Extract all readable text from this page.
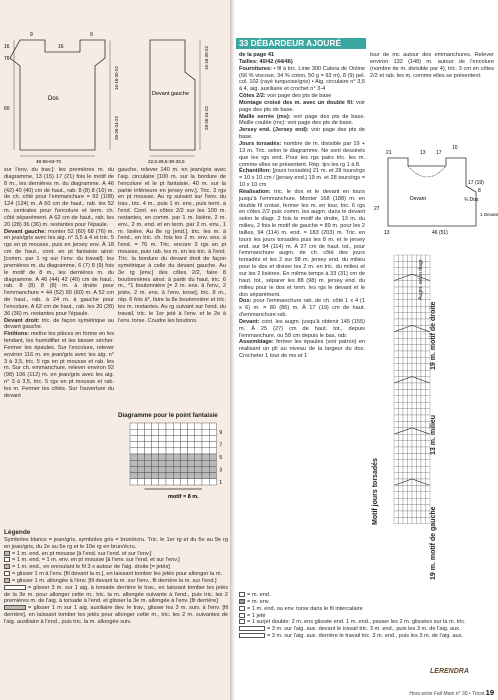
Dos
Devant gauche
9
16
9
76
60
16
48-55-63-70	22,5-26,5-30-33,5
16-18-20-22
28-26-24-22
16-18-20-22
28-26-24-22

sur l'env. du trav.]: les premières m. du diagramme, 13 (15) 17 (21) fois le motif de 8 m., les dernières m. du diagramme. A 46 (42) 40 (40) cm de haut., rab. 8 (8) 8 (16) m. de ch. côté pour l'emmanchure = 92 (108) 124 (124) m. A 60 cm de haut., rab. les 52 m. centrales pour l'encolure et term. ch. côté séparément. A 62 cm de haut., rab. les 20 (28) 36 (36) m. restantes pour l'épaule.

Devant gauche: monter 52 (60) 68 (76) m. en jean/gris avec les aig. n° 3,5 à 4 et tric. 5 rgs en pt mousse, puis en jersey env. À 18 cm de haut., cont. en pt fantaisie ainsi: [comm. par 1 rg sur l'env. du travail]: les premières m. du diagramme, 6 (7) 8 (9) fois le motif de 8 m., les dernières m. du diagramme. A 46 (44) 42 (40) cm de haut., rab. 8 (8) 8 (8) m. à droite pour l'emmanchure = 44 (52) 60 (60) m. A 52 cm de haut., rab. à 24 m. à gauche pour l'encolure. A 62 cm de haut., rab. les 20 (28) 36 (36) m. restantes pour l'épaule.

Devant droit: tric. de façon symétrique au devant gauche.

Finitions: mettre les pièces en forme en les tendant, les humidifier et les laisser sécher. Fermer les épaules. Sur l'encolure, relever environ 116 m. en jean/gris avec les aig. n° 3 à 3,5, tric. 5 rgs en pt mousse et rab. les m. Sur ch. emmanchure, relever environ 92 (98) 106 (112) m. en jean/gris avec les aig. n° 3 à 3,5, tric. 5 rgs en pt mousse et rab. les m. Fermer les côtés. Sur l'ouverture du devant

gauche, relever 140 m. en jean/gris avec l'aig. circulaire [100 m. sur la bordure de l'encolure et le pt fantaisie, 40 m. sur la partie inférieure en jersey env.]. Tric. 3 rgs en pt mousse. Au rg suivant sur l'env. du trav., tric. 4 m., puis 1 m. env., puis term. à l'end. Cont. en côtes 2/2 sur les 100 m. restantes, en comm. par 1 m. lisière, 2 m. env., 2 m. end. et en term. par 2 m. env., 1 m. lisière. Au 8e rg [end.], tric. les m. à l'end., en tric. ch. fois les 2 m. env. ens. à l'end. = 76 m. Tric. encore 3 rgs en pt mousse, puis rab. les m. en les tric. à l'end. Tric. la bordure du devant droit de façon symétrique à celle du devant gauche. Au 3e rg [env.] des côtes 2/2, faire 8 boutonnières ainsi: à partir du haut, tric. 6 m., *1 boutonnière [= 2 m. ens. à l'env., 2 jetés, 2 m. ens. à l'env. torse], tric. 8 m., rép. 6 fois à*, faire la 8e boutonnière et tric. les m. restantes. Au rg suivant sur l'end. du travail, tric. le 1er jeté à l'env. et le 2e à l'env. torse. Coudre les boutons.

Diagramme pour le point fantaisie
9
7
5
3
1
motif = 8 m.
Légende
Symboles blancs = jean/gris, symboles gris = brun/écru. Tric. le 1er rg et du 6e au 9e rg en jean/gris, du 2e au 5e rg et le 10e rg en brun/écru.
= 1 m. end. en pt mousse [à l'end. sur l'end. et sur l'env.]
= 1 m. end. = 1 m. env. en pt mousse [à l'env. sur l'end. et sur l'env.]
= 1 m. end., en enroulant le fil 3 x autour de l'aig. droite [= jetés]
= glisser 1 m à l'env. [fil devant la m.], en laissant tomber les jetés pour allonger la m.
= glisser 1 m. allongée à l'env. [fil devant la m. sur l'env., fil derrière la m. sur l'end.]
= glisser 3 m. sur 1 aig. à torsade derrière le trav., en laissant tomber les jetés de la 3e m. pour allonger cette m., tric. la m. allongée suivante à l'end., puis tric. les 2 premières m. de l'aig. à torsade à l'end. et glisser la 3e m. allongée à l'env. [fil derrière]
= glisser 1 m sur 1 aig. auxiliaire dev. le trav., glisser les 3 m. suiv. à l'env. [fil derrière], en laissant tomber les jetés pour allonger cette m., tric. les 2 m. suivantes de l'aig. auxiliaire à l'end., puis tric. la m. allongée suiv.
33 DÉBARDEUR AJOURÉ

de la page 41

Tailles: 40/42 (44/46)

Fournitures: • fil à tric. Linie 300 Calera de Online (66 % viscose, 34 % coton, 50 g = 92 m), 8 (9) pel. col. 102 (rayé turquoise/gris) • Aig. circulaire n° 3,5 à 4, aig. auxiliaire et crochet n° 3-4

Côtes 2/2: voir page des pts de base

Montage croisé des m. avec un double fil: voir page des pts de base.

Maille serrée (ms): voir page des pts de base. Maille coulée (mc): voir page des pts de base.

Jersey end. (Jersey end): voir page des pts de base.

Jours torsadés: nombre de m. divisible par 19 + 13 m. Tric. selon le diagramme. Ne sont dessinés que les rgs end. Pour les rgs pairs tric. les m. comme elles se présentent. Rép. tjrs les rg 1 à 8.

Échantillon: [jours torsadés] 21 m. et 28 tours/rgs = 10 x 10 cm / [jersey end.] 19 m. et 28 tours/rgs = 10 x 10 cm

Réalisation: tric. le dos et le devant en tours jusqu'à l'emmanchure. Monter 168 (188) m. en double fil croisé, fermer les m. en tour, tric. 6 rgs en côtes 2/2 puis comm. les augm. dans le devant selon le diagr. 2 fois le motif de droite, 13 m. du milieu, 2 fois le motif de gauche = 89 m. pour les 2 tailles, 94 (114) m. end. = 183 (203) m. Tric. en tours les jours torsadés puis les 8 m. et le jersey end. sur 94 (114) m. À 27 cm de haut. tot., pour l'emmanchure augm. de ch. côté des jours torsadés et les 2 sur 98 m. jersey end. du milieu pour le dos et diviser les 2 m. en tric. du milieu et sur les 2 lisières. En même temps à 33 (31) cm de haut. tot., séparer les 88 (98) m. jersey end. du milieu pour le dos et term. les rgs le devant et le dos séparément.

Dos: pour l'emmanchure rab. de ch. côté 1 x 4 (1 x 6) m. = 80 (86) m. À 17 (19) cm de haut. d'emmanchure rab.

Devant: cont. les augm. jusqu'à obtenir 145 (155) m. À 25 (27) cm de haut. tot., depuis l'emmanchure, ou 58 cm depuis le bas, rab.

Assemblage: fermer les épaules (voir patron) en réalisant un pli au niveau de la largeur du dos. Crocheter 1 tour de ms et 1

tour de mc autour des emmanchures. Relever environ 132 (148) m. autour de l'encolure (nombre de m. divisible par 4), tric. 3 cm en côtes 2/2 et rab. les m. comme elles se présentent.

21	13 17
10
17 (19)
8
¾ Dos
Devant
27
13	46 (51)
1 Devant
Motif jours torsadés
19 m. motif de droite
13 m. milieu
19 m. motif de gauche
Augm. selon diagr.
= m. end.
= m. env.
= 1 m. end. ou env. torse dans le fil intercalaire
= 1 jeté
= 1 surjet double: 2 m. ens glissée end. 1 m. end., passer les 2 m. glissées sur la m. tric.
= 3 m. sur l'aig. aux. devant le travail tric. 3 m. end., puis les 3 m. de l'aig. aux.
= 3 m. sur l'aig. aux. derrière le travail tric. 3 m. end., puis les 3 m. de l'aig. aux.
LERENDRA
Hors-série Fait Main n° 30 • Tricot 19
